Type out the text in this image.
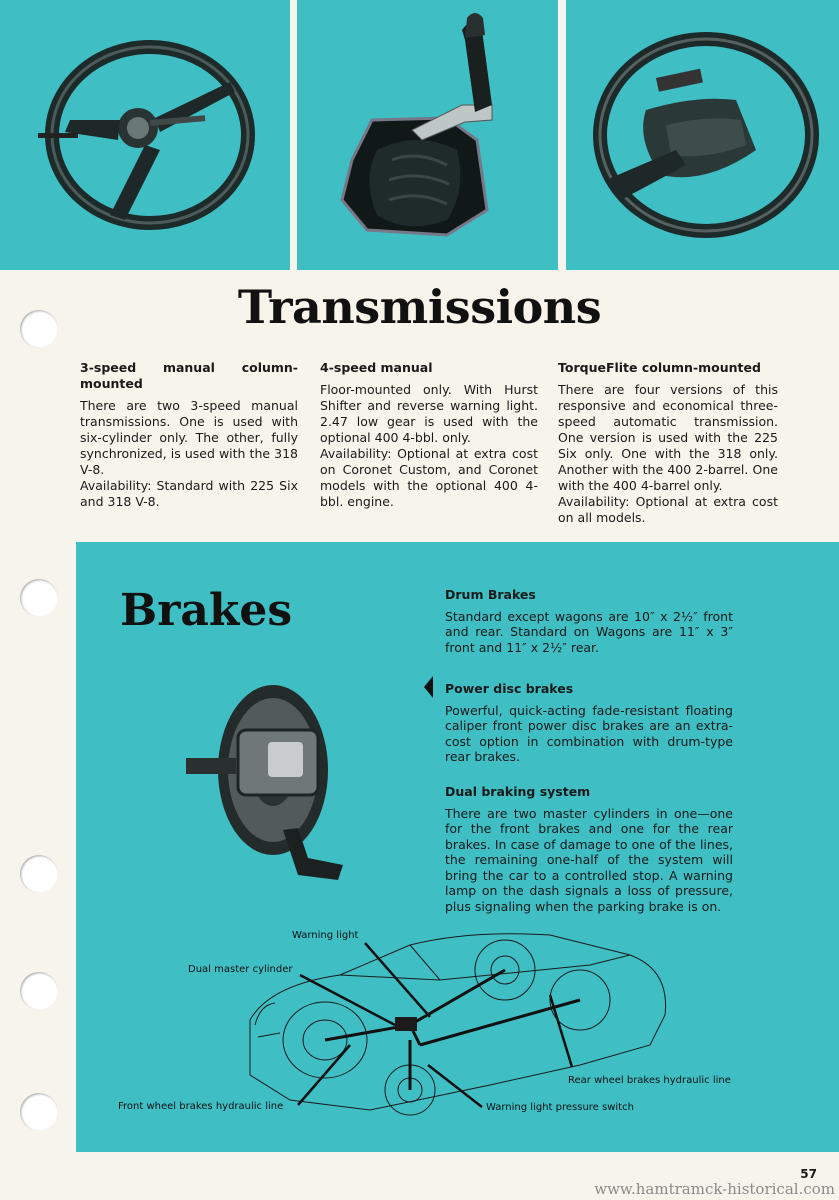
Transmissions
3-speed manual column-mounted

There are two 3-speed manual transmissions. One is used with six-cylinder only. The other, fully synchronized, is used with the 318 V-8.

Availability: Standard with 225 Six and 318 V-8.

4-speed manual

Floor-mounted only. With Hurst Shifter and reverse warning light. 2.47 low gear is used with the optional 400 4-bbl. only.

Availability: Optional at extra cost on Coronet Custom, and Coronet models with the optional 400 4-bbl. engine.

TorqueFlite column-mounted

There are four versions of this responsive and economical three-speed automatic transmission. One version is used with the 225 Six only. One with the 318 only. Another with the 400 2-barrel. One with the 400 4-barrel only.

Availability: Optional at extra cost on all models.

Brakes	Drum Brakes

Standard except wagons are 10″ x 2½″ front and rear. Standard on Wagons are 11″ x 3″ front and 11″ x 2½″ rear.

Power disc brakes

Powerful, quick-acting fade-resistant floating caliper front power disc brakes are an extra-cost option in combination with drum-type rear brakes.

Dual braking system

There are two master cylinders in one—one for the front brakes and one for the rear brakes. In case of damage to one of the lines, the remaining one-half of the system will bring the car to a controlled stop. A warning lamp on the dash signals a loss of pressure, plus signaling when the parking brake is on.

Warning light
Dual master cylinder
Rear wheel brakes hydraulic line
Front wheel brakes hydraulic line	Warning light pressure switch
57
www.hamtramck-historical.com
